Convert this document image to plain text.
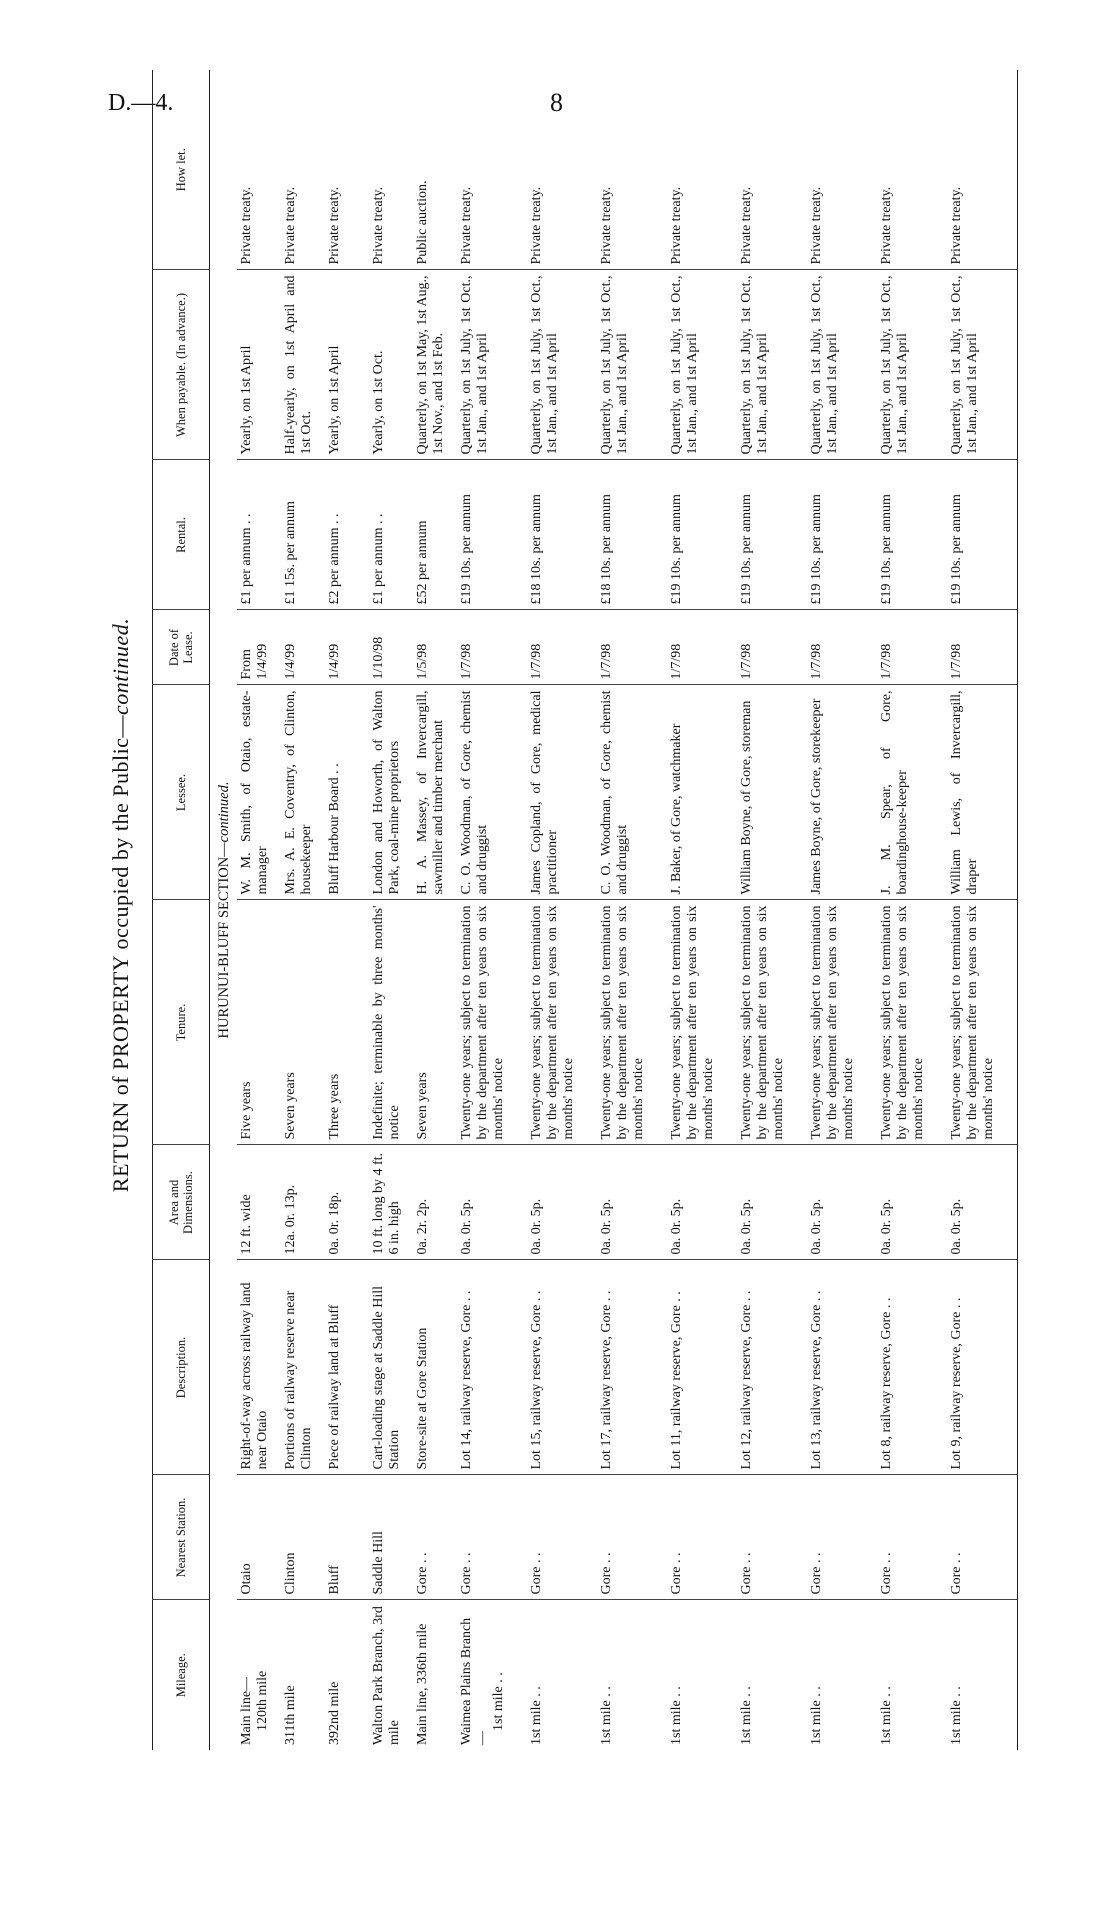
D.—4.	8
RETURN of PROPERTY occupied by the Public—continued.
Mileage.	Nearest Station.	Description.	Area and Dimensions.	Tenure.	Lessee.	Date of Lease.	Rental.	When payable. (In advance.)	How let.
HURUNUI-BLUFF SECTION—continued.									

Main line— 120th mile	Otaio	Right-of-way across railway land near Otaio	12 ft. wide	Five years	W. M. Smith, of Otaio, estate-manager	From 1/4/99	£1 per annum . .	Yearly, on 1st April	Private treaty.
311th mile	Clinton	Portions of railway reserve near Clinton	12a. 0r. 13p.	Seven years	Mrs. A. E. Coventry, of Clinton, housekeeper	1/4/99	£1 15s. per annum	Half-yearly, on 1st April and 1st Oct.	Private treaty.
392nd mile	Bluff	Piece of railway land at Bluff	0a. 0r. 18p.	Three years	Bluff Harbour Board . .	1/4/99	£2 per annum . .	Yearly, on 1st April	Private treaty.
Walton Park Branch, 3rd mile	Saddle Hill	Cart-loading stage at Saddle Hill Station	10 ft. long by 4 ft. 6 in. high	Indefinite; terminable by three months' notice	London and Howorth, of Walton Park, coal-mine proprietors	1/10/98	£1 per annum . .	Yearly, on 1st Oct.	Private treaty.
Main line, 336th mile	Gore . .	Store-site at Gore Station	0a. 2r. 2p.	Seven years	H. A. Massey, of Invercargill, sawmiller and timber merchant	1/5/98	£52 per annum	Quarterly, on 1st May, 1st Aug., 1st Nov., and 1st Feb.	Public auction.

Waimea Plains Branch—
1st mile . .	Gore . .	Lot 14, railway reserve, Gore . .	0a. 0r. 5p.	Twenty-one years; subject to termination by the department after ten years on six months' notice	C. O. Woodman, of Gore, chemist and druggist	1/7/98	£19 10s. per annum	Quarterly, on 1st July, 1st Oct., 1st Jan., and 1st April	Private treaty.
1st mile . .	Gore . .	Lot 15, railway reserve, Gore . .	0a. 0r. 5p.	Twenty-one years; subject to termination by the department after ten years on six months' notice	James Copland, of Gore, medical practitioner	1/7/98	£18 10s. per annum	Quarterly, on 1st July, 1st Oct., 1st Jan., and 1st April	Private treaty.
1st mile . .	Gore . .	Lot 17, railway reserve, Gore . .	0a. 0r. 5p.	Twenty-one years; subject to termination by the department after ten years on six months' notice	C. O. Woodman, of Gore, chemist and druggist	1/7/98	£18 10s. per annum	Quarterly, on 1st July, 1st Oct., 1st Jan., and 1st April	Private treaty.
1st mile . .	Gore . .	Lot 11, railway reserve, Gore . .	0a. 0r. 5p.	Twenty-one years; subject to termination by the department after ten years on six months' notice	J. Baker, of Gore, watchmaker	1/7/98	£19 10s. per annum	Quarterly, on 1st July, 1st Oct., 1st Jan., and 1st April	Private treaty.
1st mile . .	Gore . .	Lot 12, railway reserve, Gore . .	0a. 0r. 5p.	Twenty-one years; subject to termination by the department after ten years on six months' notice	William Boyne, of Gore, storeman	1/7/98	£19 10s. per annum	Quarterly, on 1st July, 1st Oct., 1st Jan., and 1st April	Private treaty.
1st mile . .	Gore . .	Lot 13, railway reserve, Gore . .	0a. 0r. 5p.	Twenty-one years; subject to termination by the department after ten years on six months' notice	James Boyne, of Gore, storekeeper	1/7/98	£19 10s. per annum	Quarterly, on 1st July, 1st Oct., 1st Jan., and 1st April	Private treaty.
1st mile . .	Gore . .	Lot 8, railway reserve, Gore . .	0a. 0r. 5p.	Twenty-one years; subject to termination by the department after ten years on six months' notice	J. M. Spear, of Gore, boardinghouse-keeper	1/7/98	£19 10s. per annum	Quarterly, on 1st July, 1st Oct., 1st Jan., and 1st April	Private treaty.
1st mile . .	Gore . .	Lot 9, railway reserve, Gore . .	0a. 0r. 5p.	Twenty-one years; subject to termination by the department after ten years on six months' notice	William Lewis, of Invercargill, draper	1/7/98	£19 10s. per annum	Quarterly, on 1st July, 1st Oct., 1st Jan., and 1st April	Private treaty.
